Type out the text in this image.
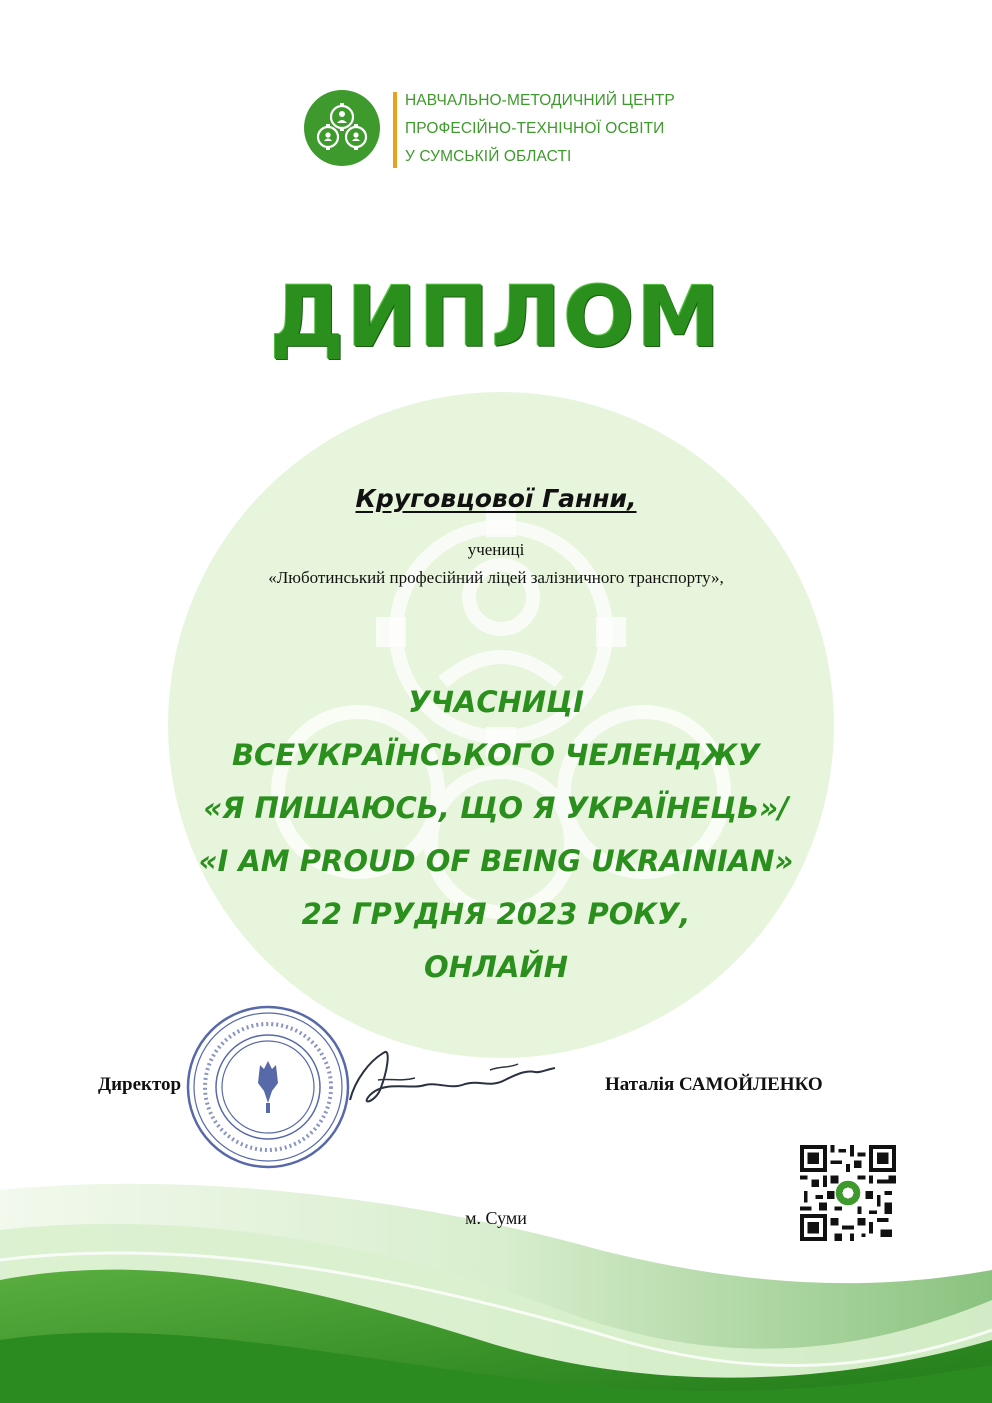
НАВЧАЛЬНО-МЕТОДИЧНИЙ ЦЕНТР
ПРОФЕСІЙНО-ТЕХНІЧНОЇ ОСВІТИ
У СУМСЬКІЙ ОБЛАСТІ
ДИПЛОМ
Круговцової Ганни,
учениці
«Люботинський професійний ліцей залізничного транспорту»,
УЧАСНИЦІ
ВСЕУКРАЇНСЬКОГО ЧЕЛЕНДЖУ
«Я ПИШАЮСЬ, ЩО Я УКРАЇНЕЦЬ»/
«I AM PROUD OF BEING UKRAINIAN»
22 ГРУДНЯ 2023 РОКУ,
ОНЛАЙН
Директор	Наталія САМОЙЛЕНКО
м. Суми
